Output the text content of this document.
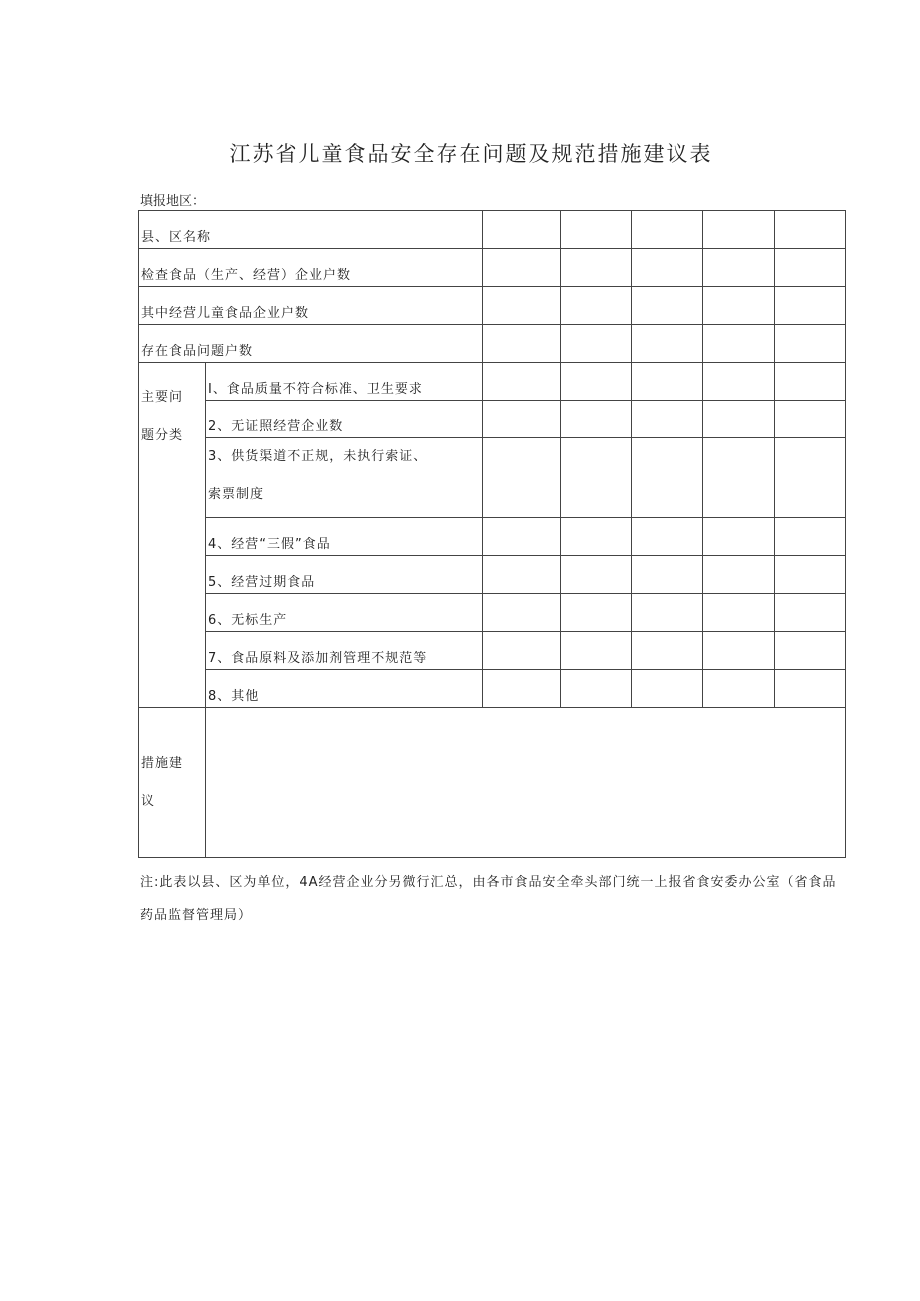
江苏省儿童食品安全存在问题及规范措施建议表
填报地区：
县、区名称						
检查食品（生产、经营）企业户数						
其中经营儿童食品企业户数						
存在食品问题户数						

主要问
题分类	I、食品质量不符合标准、卫生要求					
	2、无证照经营企业数					

	3、供货渠道不正规，未执行索证、
索票制度					

	4、经营“三假”食品					
	5、经营过期食品					
	6、无标生产					
	7、食品原料及添加剂管理不规范等					
	8、其他					

措施建
议						

注:此表以县、区为单位，4A经营企业分另微行汇总，由各市食品安全牵头部门统一上报省食安委办公室（省食品药品监督管理局）
